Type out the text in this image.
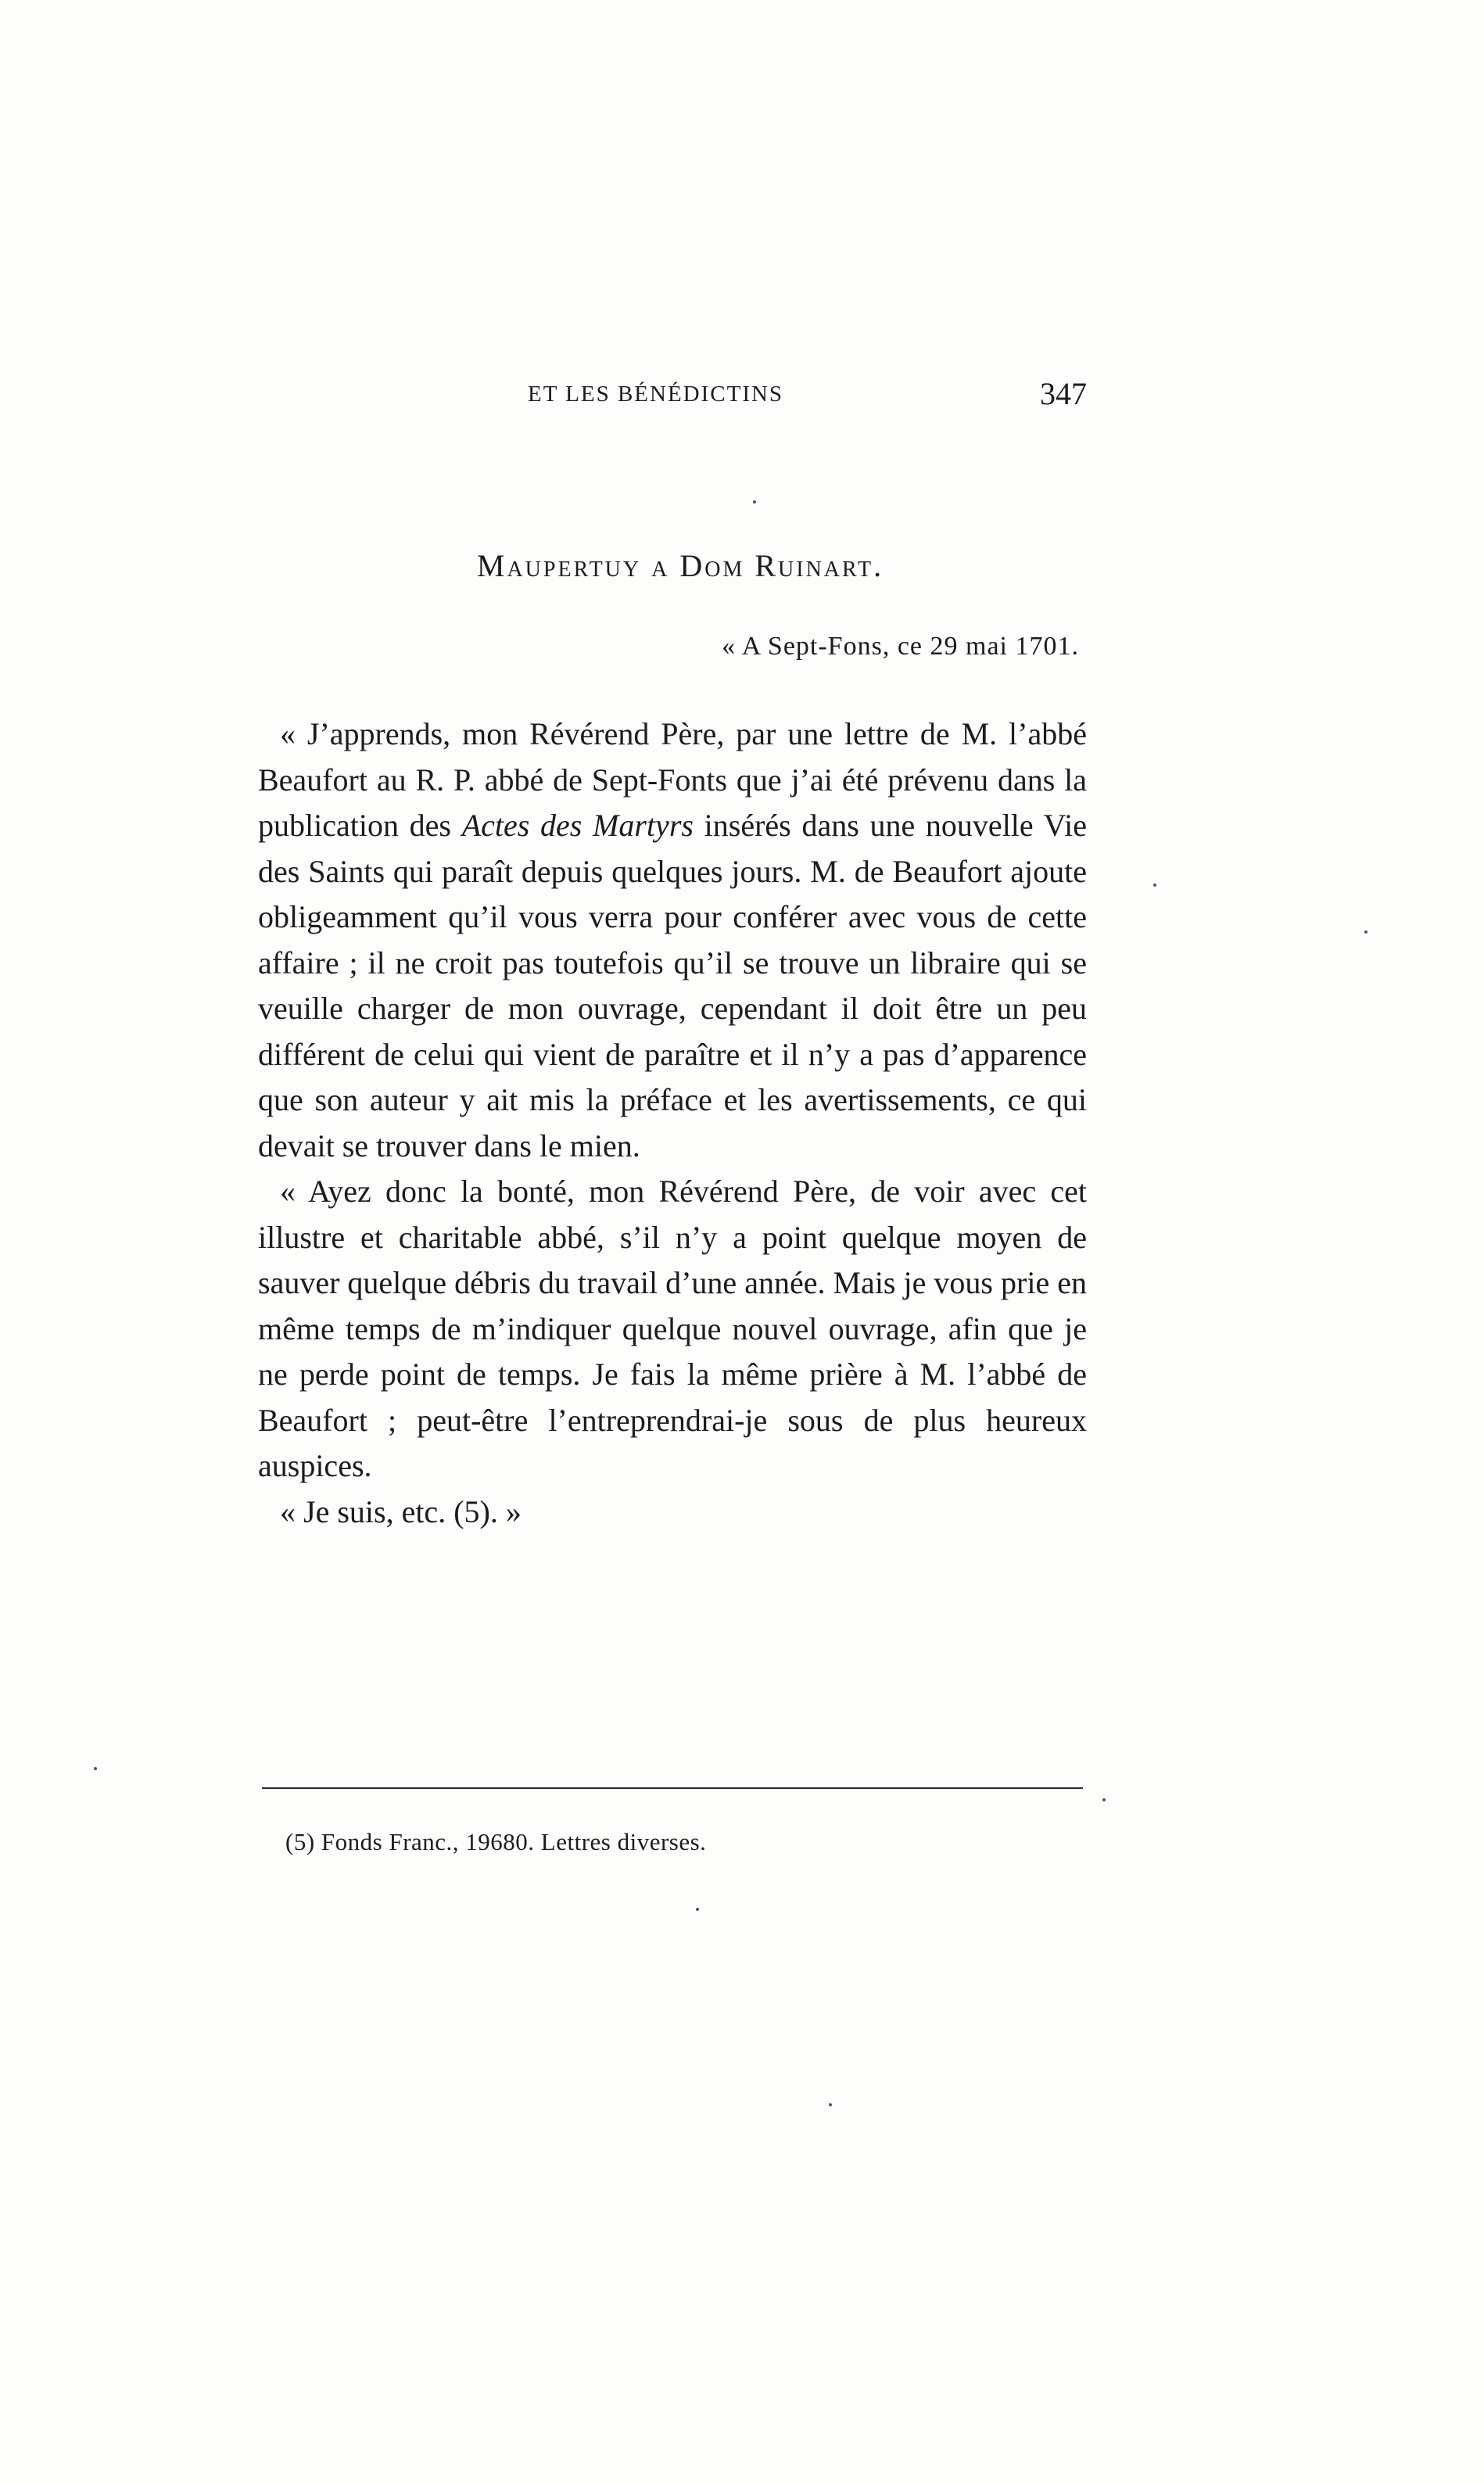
ET LES BÉNÉDICTINS	347
Maupertuy a Dom Ruinart.
« A Sept-Fons, ce 29 mai 1701.

« J’apprends, mon Révérend Père, par une lettre de M. l’abbé Beaufort au R. P. abbé de Sept-Fonts que j’ai été prévenu dans la publication des Actes des Martyrs insérés dans une nouvelle Vie des Saints qui paraît depuis quelques jours. M. de Beaufort ajoute obligeamment qu’il vous verra pour conférer avec vous de cette affaire ; il ne croit pas toutefois qu’il se trouve un libraire qui se veuille charger de mon ouvrage, cependant il doit être un peu différent de celui qui vient de paraître et il n’y a pas d’apparence que son auteur y ait mis la préface et les avertissements, ce qui devait se trouver dans le mien.

« Ayez donc la bonté, mon Révérend Père, de voir avec cet illustre et charitable abbé, s’il n’y a point quelque moyen de sauver quelque débris du travail d’une année. Mais je vous prie en même temps de m’indiquer quelque nouvel ouvrage, afin que je ne perde point de temps. Je fais la même prière à M. l’abbé de Beaufort ; peut-être l’entreprendrai-je sous de plus heureux auspices.

« Je suis, etc. (5). »

(5) Fonds Franc., 19680. Lettres diverses.
